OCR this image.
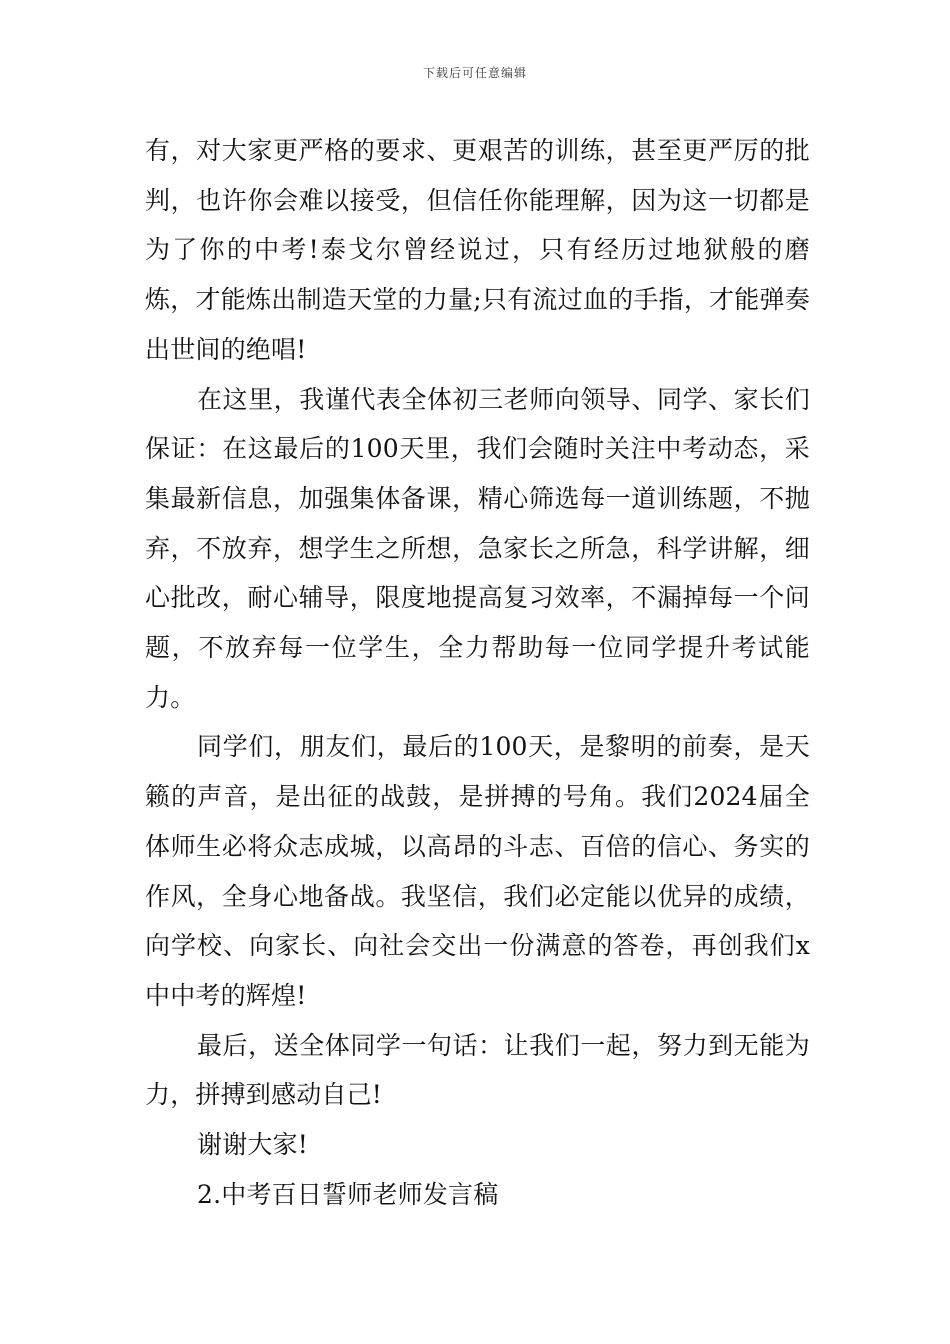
下载后可任意编辑

有，对大家更严格的要求、更艰苦的训练，甚至更严厉的批判，也许你会难以接受，但信任你能理解，因为这一切都是为了你的中考!泰戈尔曾经说过，只有经历过地狱般的磨炼，才能炼出制造天堂的力量;只有流过血的手指，才能弹奏出世间的绝唱!

在这里，我谨代表全体初三老师向领导、同学、家长们保证：在这最后的100天里，我们会随时关注中考动态，采集最新信息，加强集体备课，精心筛选每一道训练题，不抛弃，不放弃，想学生之所想，急家长之所急，科学讲解，细心批改，耐心辅导，限度地提高复习效率，不漏掉每一个问题，不放弃每一位学生，全力帮助每一位同学提升考试能力。

同学们，朋友们，最后的100天，是黎明的前奏，是天籁的声音，是出征的战鼓，是拼搏的号角。我们2024届全体师生必将众志成城，以高昂的斗志、百倍的信心、务实的作风，全身心地备战。我坚信，我们必定能以优异的成绩，向学校、向家长、向社会交出一份满意的答卷，再创我们x中中考的辉煌!

最后，送全体同学一句话：让我们一起，努力到无能为力，拼搏到感动自己!

谢谢大家!

2.中考百日誓师老师发言稿
